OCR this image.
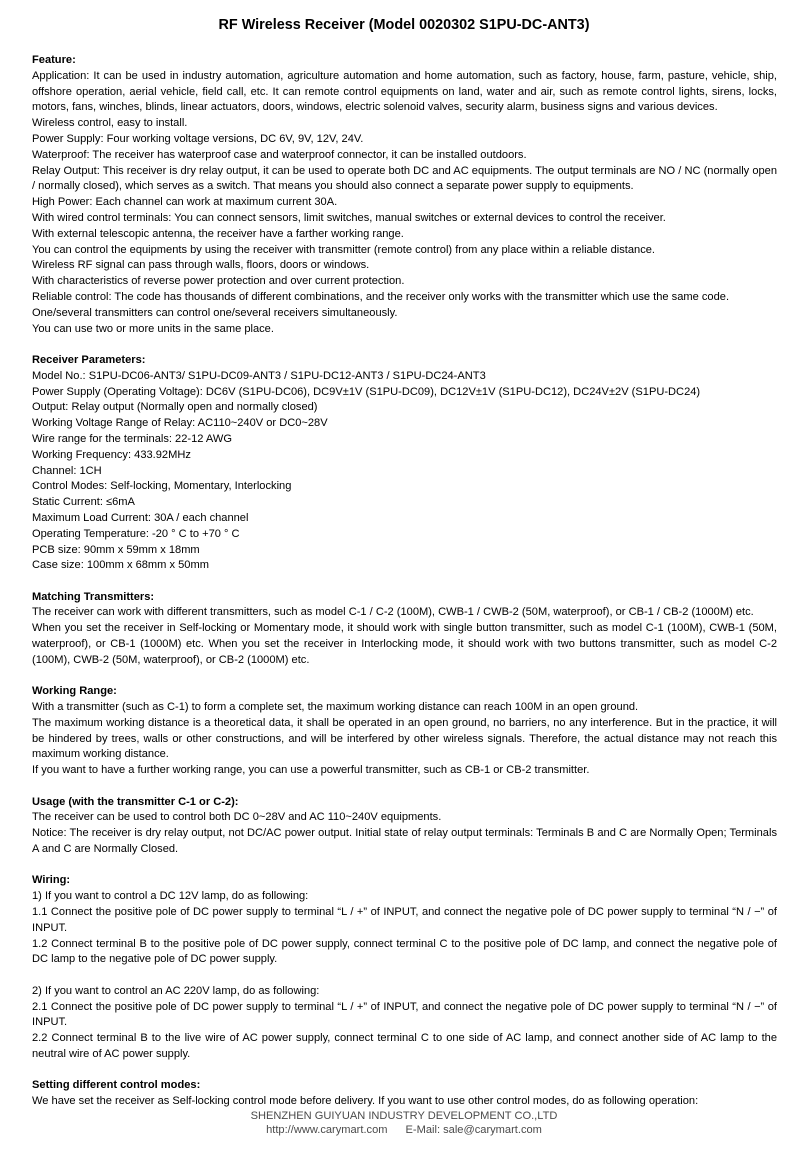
RF Wireless Receiver (Model 0020302 S1PU-DC-ANT3)
Feature:

Application: It can be used in industry automation, agriculture automation and home automation, such as factory, house, farm, pasture, vehicle, ship, offshore operation, aerial vehicle, field call, etc. It can remote control equipments on land, water and air, such as remote control lights, sirens, locks, motors, fans, winches, blinds, linear actuators, doors, windows, electric solenoid valves, security alarm, business signs and various devices.

Wireless control, easy to install.

Power Supply: Four working voltage versions, DC 6V, 9V, 12V, 24V.

Waterproof: The receiver has waterproof case and waterproof connector, it can be installed outdoors.

Relay Output: This receiver is dry relay output, it can be used to operate both DC and AC equipments. The output terminals are NO / NC (normally open / normally closed), which serves as a switch. That means you should also connect a separate power supply to equipments.

High Power: Each channel can work at maximum current 30A.

With wired control terminals: You can connect sensors, limit switches, manual switches or external devices to control the receiver.

With external telescopic antenna, the receiver have a farther working range.

You can control the equipments by using the receiver with transmitter (remote control) from any place within a reliable distance.

Wireless RF signal can pass through walls, floors, doors or windows.

With characteristics of reverse power protection and over current protection.

Reliable control: The code has thousands of different combinations, and the receiver only works with the transmitter which use the same code.

One/several transmitters can control one/several receivers simultaneously.

You can use two or more units in the same place.

Receiver Parameters:

Model No.: S1PU-DC06-ANT3/ S1PU-DC09-ANT3 / S1PU-DC12-ANT3 / S1PU-DC24-ANT3

Power Supply (Operating Voltage): DC6V (S1PU-DC06), DC9V±1V (S1PU-DC09), DC12V±1V (S1PU-DC12), DC24V±2V (S1PU-DC24)

Output: Relay output (Normally open and normally closed)

Working Voltage Range of Relay: AC110~240V or DC0~28V

Wire range for the terminals: 22-12 AWG

Working Frequency: 433.92MHz

Channel: 1CH

Control Modes: Self-locking, Momentary, Interlocking

Static Current: ≤6mA

Maximum Load Current: 30A / each channel

Operating Temperature: -20 ° C to +70 ° C

PCB size: 90mm x 59mm x 18mm

Case size: 100mm x 68mm x 50mm

Matching Transmitters:

The receiver can work with different transmitters, such as model C-1 / C-2 (100M), CWB-1 / CWB-2 (50M, waterproof), or CB-1 / CB-2 (1000M) etc.

When you set the receiver in Self-locking or Momentary mode, it should work with single button transmitter, such as model C-1 (100M), CWB-1 (50M, waterproof), or CB-1 (1000M) etc. When you set the receiver in Interlocking mode, it should work with two buttons transmitter, such as model C-2 (100M), CWB-2 (50M, waterproof), or CB-2 (1000M) etc.

Working Range:

With a transmitter (such as C-1) to form a complete set, the maximum working distance can reach 100M in an open ground.

The maximum working distance is a theoretical data, it shall be operated in an open ground, no barriers, no any interference. But in the practice, it will be hindered by trees, walls or other constructions, and will be interfered by other wireless signals. Therefore, the actual distance may not reach this maximum working distance.

If you want to have a further working range, you can use a powerful transmitter, such as CB-1 or CB-2 transmitter.

Usage (with the transmitter C-1 or C-2):

The receiver can be used to control both DC 0~28V and AC 110~240V equipments.

Notice: The receiver is dry relay output, not DC/AC power output. Initial state of relay output terminals: Terminals B and C are Normally Open; Terminals A and C are Normally Closed.

Wiring:

1) If you want to control a DC 12V lamp, do as following:

1.1 Connect the positive pole of DC power supply to terminal “L / +” of INPUT, and connect the negative pole of DC power supply to terminal “N / −” of INPUT.

1.2 Connect terminal B to the positive pole of DC power supply, connect terminal C to the positive pole of DC lamp, and connect the negative pole of DC lamp to the negative pole of DC power supply.

2) If you want to control an AC 220V lamp, do as following:

2.1 Connect the positive pole of DC power supply to terminal “L / +” of INPUT, and connect the negative pole of DC power supply to terminal “N / −” of INPUT.

2.2 Connect terminal B to the live wire of AC power supply, connect terminal C to one side of AC lamp, and connect another side of AC lamp to the neutral wire of AC power supply.

Setting different control modes:

We have set the receiver as Self-locking control mode before delivery. If you want to use other control modes, do as following operation:

SHENZHEN GUIYUAN INDUSTRY DEVELOPMENT CO.,LTD
http://www.carymart.com E-Mail: sale@carymart.com
